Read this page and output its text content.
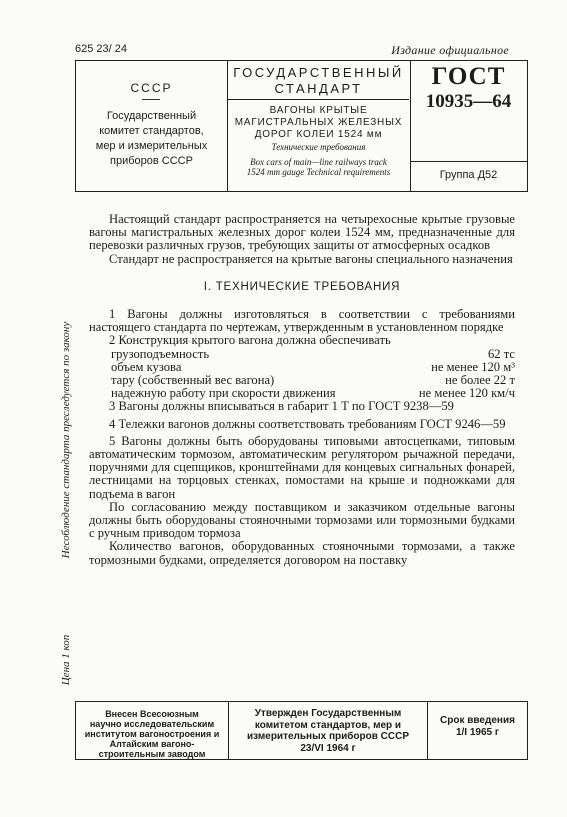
625 23/ 24	Издание официальное
СССР
Государственный
комитет стандартов,
мер и измерительных
приборов СССР
ГОСУДАРСТВЕННЫЙ
СТАНДАРТ
ВАГОНЫ КРЫТЫЕ
МАГИСТРАЛЬНЫХ ЖЕЛЕЗНЫХ
ДОРОГ КОЛЕИ 1524 мм
Технические требования
Box cars of main—line railways track
1524 mm gauge Technical requirements
ГОСТ
10935—64
Группа Д52
Несоблюдение стандарта преследуется по закону
Цена 1 коп

Настоящий стандарт распространяется на четырехосные крытые грузовые вагоны магистральных железных дорог колеи 1524 мм, предназначенные для перевозки различных грузов, требующих защиты от атмосферных осадков

Стандарт не распространяется на крытые вагоны специального назначения

I. ТЕХНИЧЕСКИЕ ТРЕБОВАНИЯ

1 Вагоны должны изготовляться в соответствии с требованиями настоящего стандарта по чертежам, утвержденным в установленном порядке

2 Конструкция крытого вагона должна обеспечивать

грузоподъемность	62 тс
объем кузова	не менее 120 м³
тару (собственный вес вагона)	не более 22 т
надежную работу при скорости движения	не менее 120 км/ч

3 Вагоны должны вписываться в габарит 1 Т по ГОСТ 9238—59

4 Тележки вагонов должны соответствовать требованиям ГОСТ 9246—59

5 Вагоны должны быть оборудованы типовыми автосцепками, типовым автоматическим тормозом, автоматическим регулятором рычажной передачи, поручнями для сцепщиков, кронштейнами для концевых сигнальных фонарей, лестницами на торцовых стенках, помостами на крыше и подножками для подъема в вагон

По согласованию между поставщиком и заказчиком отдельные вагоны должны быть оборудованы стояночными тормозами или тормозными будками с ручным приводом тормоза

Количество вагонов, оборудованных стояночными тормозами, а также тормозными будками, определяется договором на поставку

Внесен Всесоюзным
научно исследовательским
институтом вагоностроения и Алтайским вагоно-
строительным заводом
Утвержден Государственным
комитетом стандартов, мер и
измерительных приборов СССР
23/VI 1964 г
Срок введения
1/I 1965 г
